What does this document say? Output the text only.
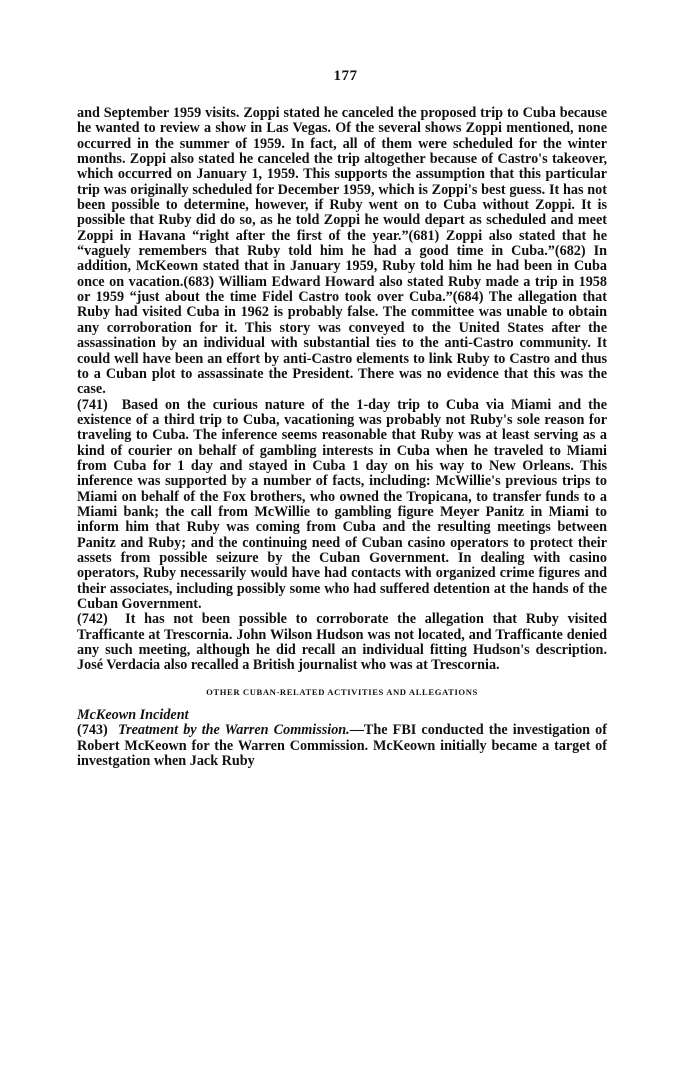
177

and September 1959 visits. Zoppi stated he canceled the proposed trip to Cuba because he wanted to review a show in Las Vegas. Of the several shows Zoppi mentioned, none occurred in the summer of 1959. In fact, all of them were scheduled for the winter months. Zoppi also stated he canceled the trip altogether because of Castro's takeover, which occurred on January 1, 1959. This supports the assumption that this particular trip was originally scheduled for December 1959, which is Zoppi's best guess. It has not been possible to determine, however, if Ruby went on to Cuba without Zoppi. It is possible that Ruby did do so, as he told Zoppi he would depart as scheduled and meet Zoppi in Havana “right after the first of the year.”(681) Zoppi also stated that he “vaguely remembers that Ruby told him he had a good time in Cuba.”(682) In addition, McKeown stated that in January 1959, Ruby told him he had been in Cuba once on vacation.(683) William Edward Howard also stated Ruby made a trip in 1958 or 1959 “just about the time Fidel Castro took over Cuba.”(684) The allegation that Ruby had visited Cuba in 1962 is probably false. The committee was unable to obtain any corroboration for it. This story was conveyed to the United States after the assassination by an individual with substantial ties to the anti-Castro community. It could well have been an effort by anti-Castro elements to link Ruby to Castro and thus to a Cuban plot to assassinate the President. There was no evidence that this was the case.

(741) Based on the curious nature of the 1-day trip to Cuba via Miami and the existence of a third trip to Cuba, vacationing was probably not Ruby's sole reason for traveling to Cuba. The inference seems reasonable that Ruby was at least serving as a kind of courier on behalf of gambling interests in Cuba when he traveled to Miami from Cuba for 1 day and stayed in Cuba 1 day on his way to New Orleans. This inference was supported by a number of facts, including: McWillie's previous trips to Miami on behalf of the Fox brothers, who owned the Tropicana, to transfer funds to a Miami bank; the call from McWillie to gambling figure Meyer Panitz in Miami to inform him that Ruby was coming from Cuba and the resulting meetings between Panitz and Ruby; and the continuing need of Cuban casino operators to protect their assets from possible seizure by the Cuban Government. In dealing with casino operators, Ruby necessarily would have had contacts with organized crime figures and their associates, including possibly some who had suffered detention at the hands of the Cuban Government.

(742) It has not been possible to corroborate the allegation that Ruby visited Trafficante at Trescornia. John Wilson Hudson was not located, and Trafficante denied any such meeting, although he did recall an individual fitting Hudson's description. José Verdacia also recalled a British journalist who was at Trescornia.

OTHER CUBAN-RELATED ACTIVITIES AND ALLEGATIONS

McKeown Incident

(743) Treatment by the Warren Commission.—The FBI conducted the investigation of Robert McKeown for the Warren Commission. McKeown initially became a target of investgation when Jack Ruby
